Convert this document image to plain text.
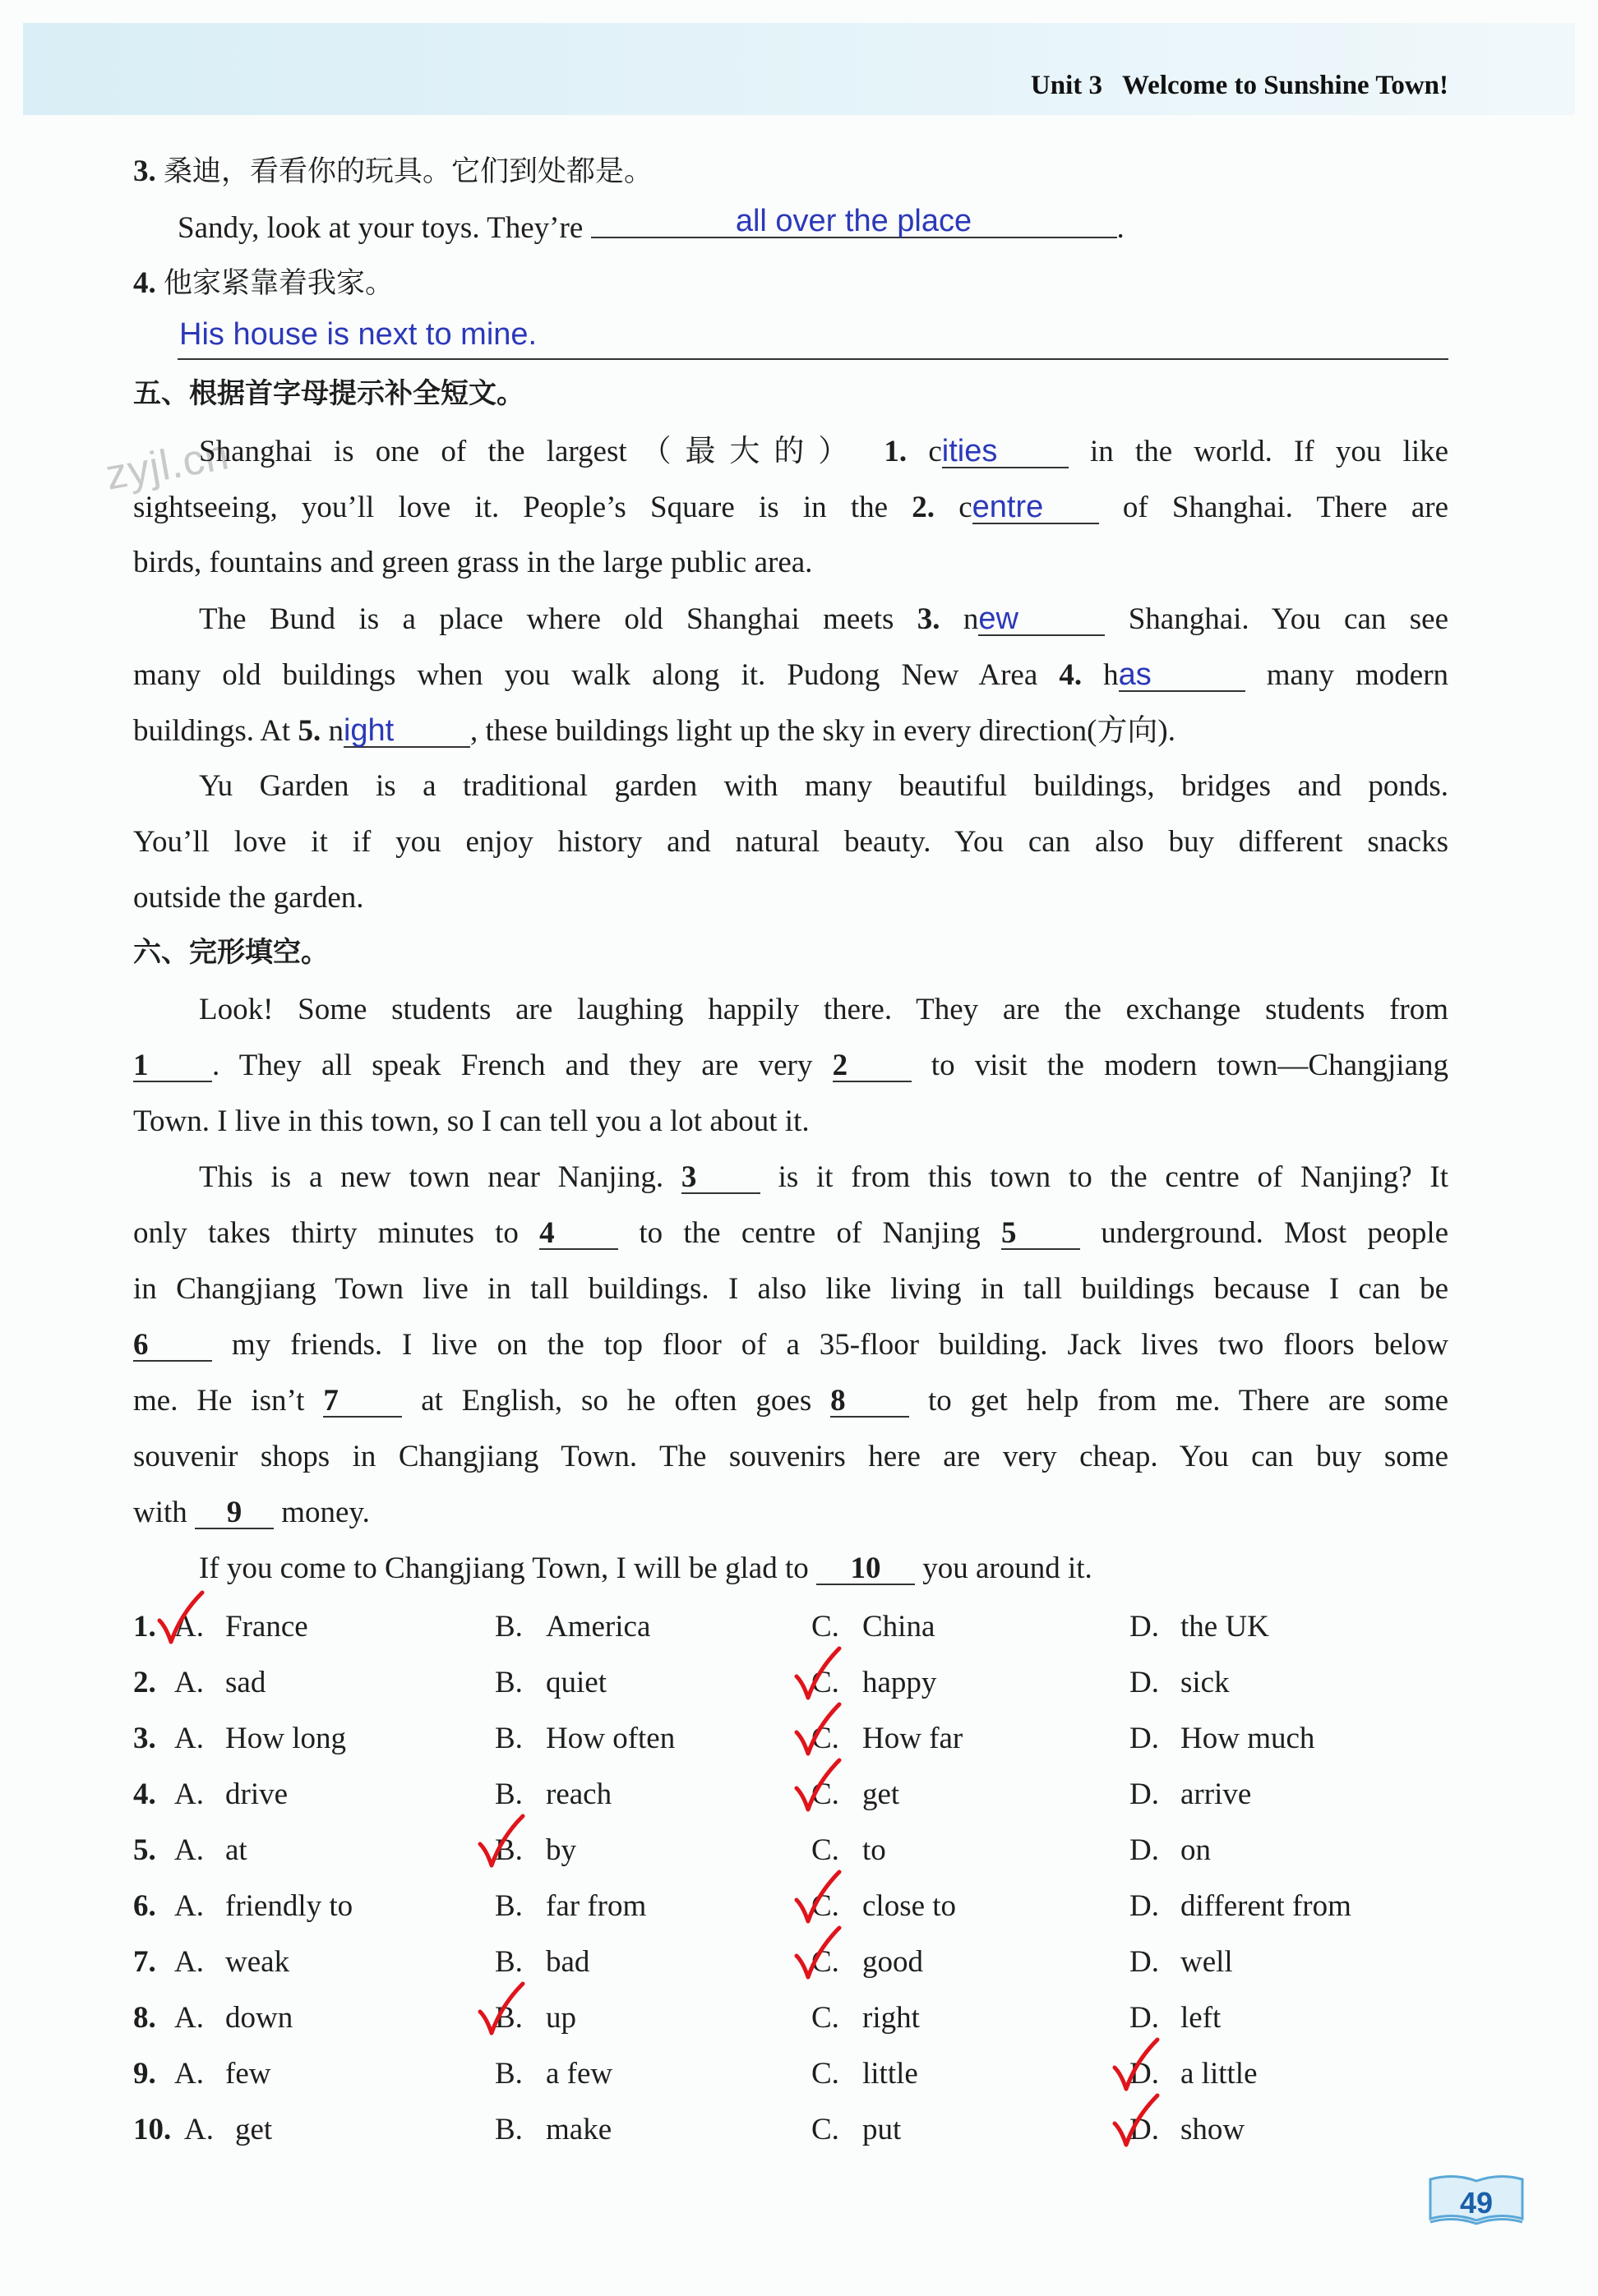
Unit 3 Welcome to Sunshine Town!
zyjl.cn
3. 桑迪，看看你的玩具。它们到处都是。
Sandy, look at your toys. They’re	all over the place	.
4. 他家紧靠着我家。
His house is next to mine.
五、根据首字母提示补全短文。
Shanghai is one of the largest（最大的） 1. cities	in the world. If you like
sightseeing, you’ll love it. People’s Square is in the 2. centre	of Shanghai. There are
birds, fountains and green grass in the large public area.
The Bund is a place where old Shanghai meets 3. new	Shanghai. You can see
many old buildings when you walk along it. Pudong New Area 4. has	many modern
buildings. At 5. night	, these buildings light up the sky in every direction(方向).
Yu Garden is a traditional garden with many beautiful buildings, bridges and ponds.
You’ll love it if you enjoy history and natural beauty. You can also buy different snacks
outside the garden.
六、完形填空。
Look! Some students are laughing happily there. They are the exchange students from
1 . They all speak French and they are very 2	to visit the modern town—Changjiang
Town. I live in this town, so I can tell you a lot about it.
This is a new town near Nanjing. 3	is it from this town to the centre of Nanjing? It
only takes thirty minutes to 4	to the centre of Nanjing 5	underground. Most people
in Changjiang Town live in tall buildings. I also like living in tall buildings because I can be
6	my friends. I live on the top floor of a 35-floor building. Jack lives two floors below
me. He isn’t 7	at English, so he often goes 8	to get help from me. There are some
souvenir shops in Changjiang Town. The souvenirs here are very cheap. You can buy some
with 9 money.
If you come to Changjiang Town, I will be glad to 10 you around it.
1. A. France	B. America	C. China	D. the UK
2. A. sad	B. quiet	C. happy	D. sick
3. A. How long	B. How often	C. How far	D. How much
4. A. drive	B. reach	C. get	D. arrive
5. A. at	B. by	C. to	D. on
6. A. friendly to	B. far from	C. close to	D. different from
7. A. weak	B. bad	C. good	D. well
8. A. down	B. up	C. right	D. left
9. A. few	B. a few	C. little	D. a little
10. A. get	B. make	C. put	D. show
49
